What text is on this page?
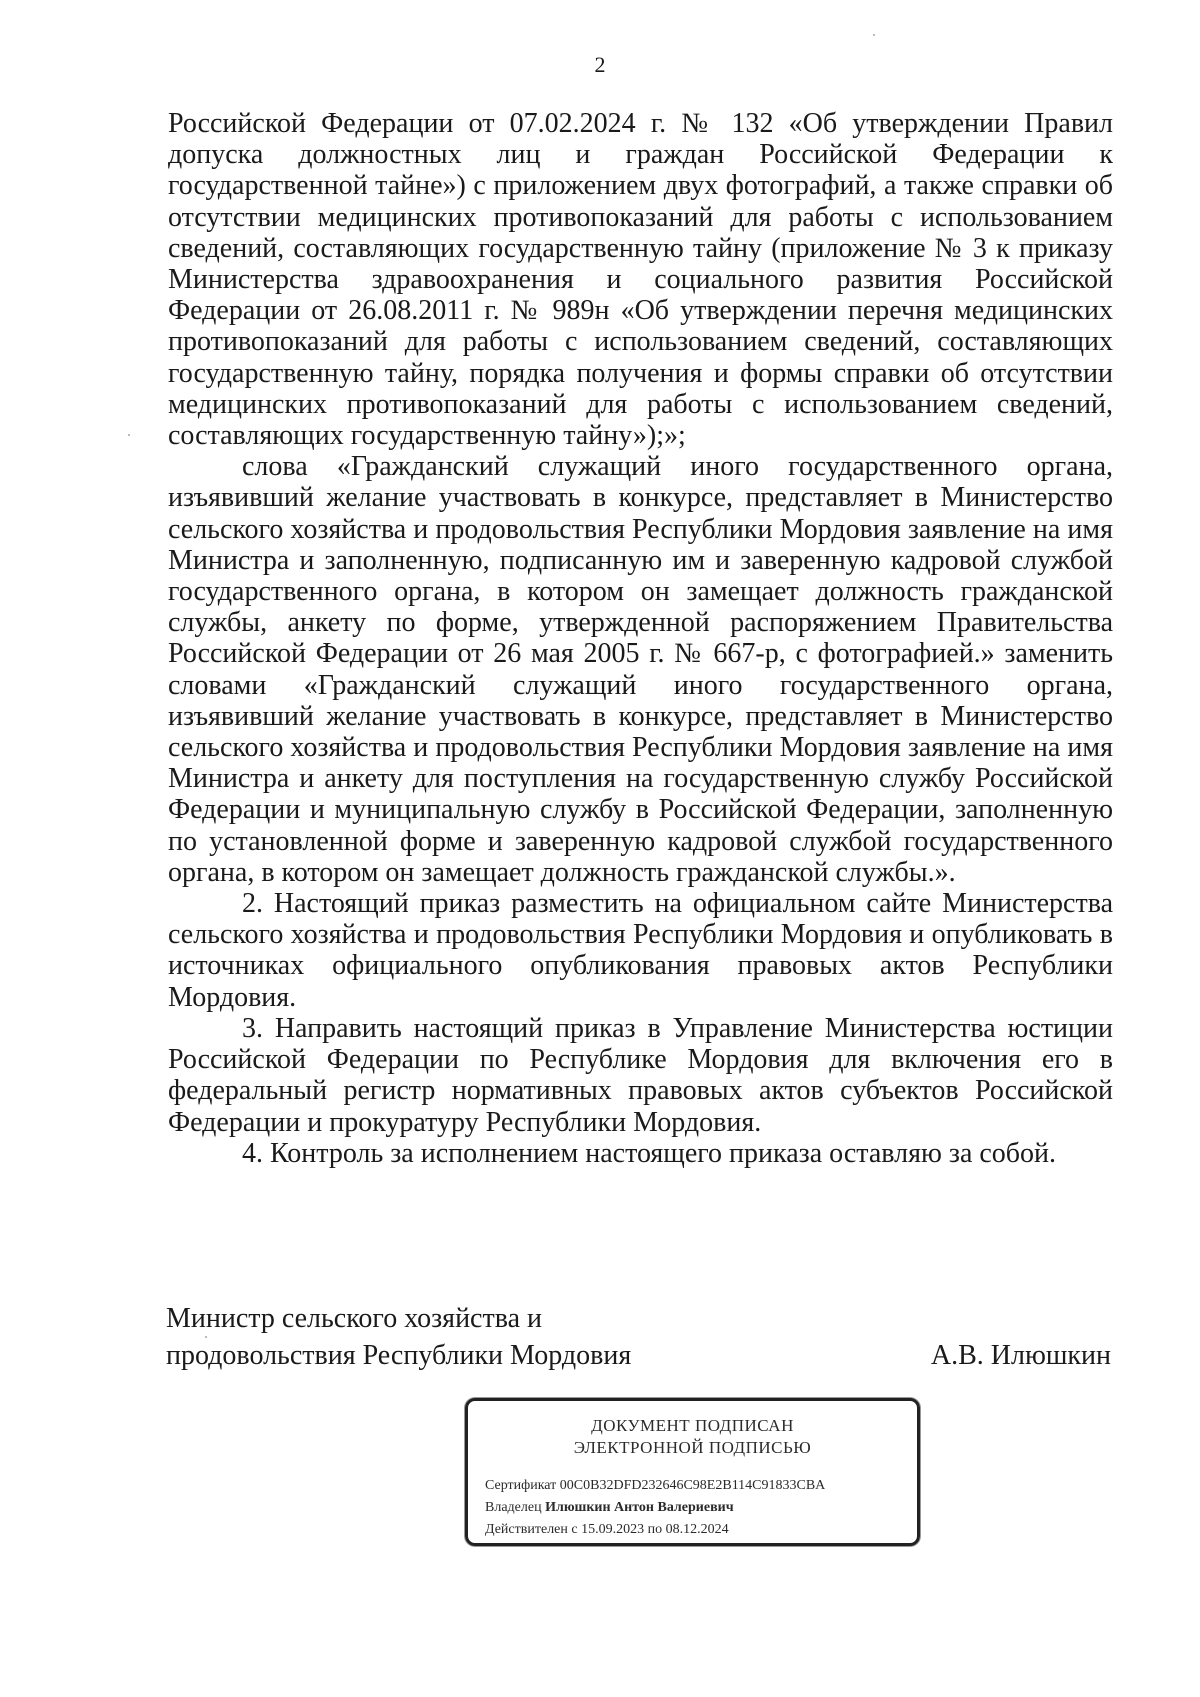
2

Российской Федерации от 07.02.2024 г. № 132 «Об утверждении Правил допуска должностных лиц и граждан Российской Федерации к государственной тайне») с приложением двух фотографий, а также справки об отсутствии медицинских противопоказаний для работы с использованием сведений, составляющих государственную тайну (приложение № 3 к приказу Министерства здравоохранения и социального развития Российской Федерации от 26.08.2011 г. № 989н «Об утверждении перечня медицинских противопоказаний для работы с использованием сведений, составляющих государственную тайну, порядка получения и формы справки об отсутствии медицинских противопоказаний для работы с использованием сведений, составляющих государственную тайну»);»;

слова «Гражданский служащий иного государственного органа, изъявивший желание участвовать в конкурсе, представляет в Министерство сельского хозяйства и продовольствия Республики Мордовия заявление на имя Министра и заполненную, подписанную им и заверенную кадровой службой государственного органа, в котором он замещает должность гражданской службы, анкету по форме, утвержденной распоряжением Правительства Российской Федерации от 26 мая 2005 г. № 667-р, с фотографией.» заменить словами «Гражданский служащий иного государственного органа, изъявивший желание участвовать в конкурсе, представляет в Министерство сельского хозяйства и продовольствия Республики Мордовия заявление на имя Министра и анкету для поступления на государственную службу Российской Федерации и муниципальную службу в Российской Федерации, заполненную по установленной форме и заверенную кадровой службой государственного органа, в котором он замещает должность гражданской службы.».

2. Настоящий приказ разместить на официальном сайте Министерства сельского хозяйства и продовольствия Республики Мордовия и опубликовать в источниках официального опубликования правовых актов Республики Мордовия.

3. Направить настоящий приказ в Управление Министерства юстиции Российской Федерации по Республике Мордовия для включения его в федеральный регистр нормативных правовых актов субъектов Российской Федерации и прокуратуру Республики Мордовия.

4. Контроль за исполнением настоящего приказа оставляю за собой.

Министр сельского хозяйства и
продовольствия Республики Мордовия	А.В. Илюшкин
ДОКУМЕНТ ПОДПИСАН
ЭЛЕКТРОННОЙ ПОДПИСЬЮ
Сертификат 00C0B32DFD232646C98E2B114C91833CBA
Владелец Илюшкин Антон Валериевич
Действителен с 15.09.2023 по 08.12.2024
